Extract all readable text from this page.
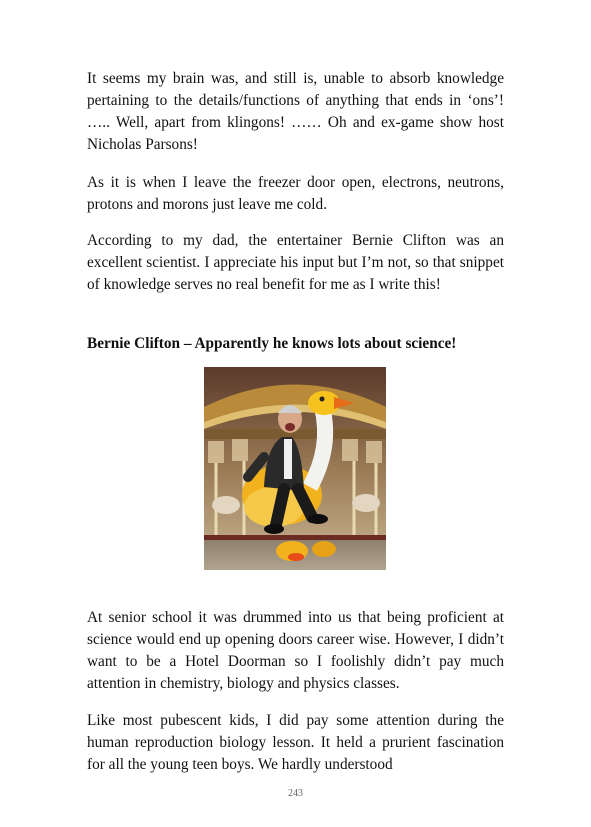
It seems my brain was, and still is, unable to absorb knowledge pertaining to the details/functions of anything that ends in ‘ons’! ….. Well, apart from klingons! …… Oh and ex-game show host Nicholas Parsons!

As it is when I leave the freezer door open, electrons, neutrons, protons and morons just leave me cold.

According to my dad, the entertainer Bernie Clifton was an excellent scientist. I appreciate his input but I’m not, so that snippet of knowledge serves no real benefit for me as I write this!

Bernie Clifton – Apparently he knows lots about science!

At senior school it was drummed into us that being proficient at science would end up opening doors career wise. However, I didn’t want to be a Hotel Doorman so I foolishly didn’t pay much attention in chemistry, biology and physics classes.

Like most pubescent kids, I did pay some attention during the human reproduction biology lesson. It held a prurient fascination for all the young teen boys. We hardly understood

243
